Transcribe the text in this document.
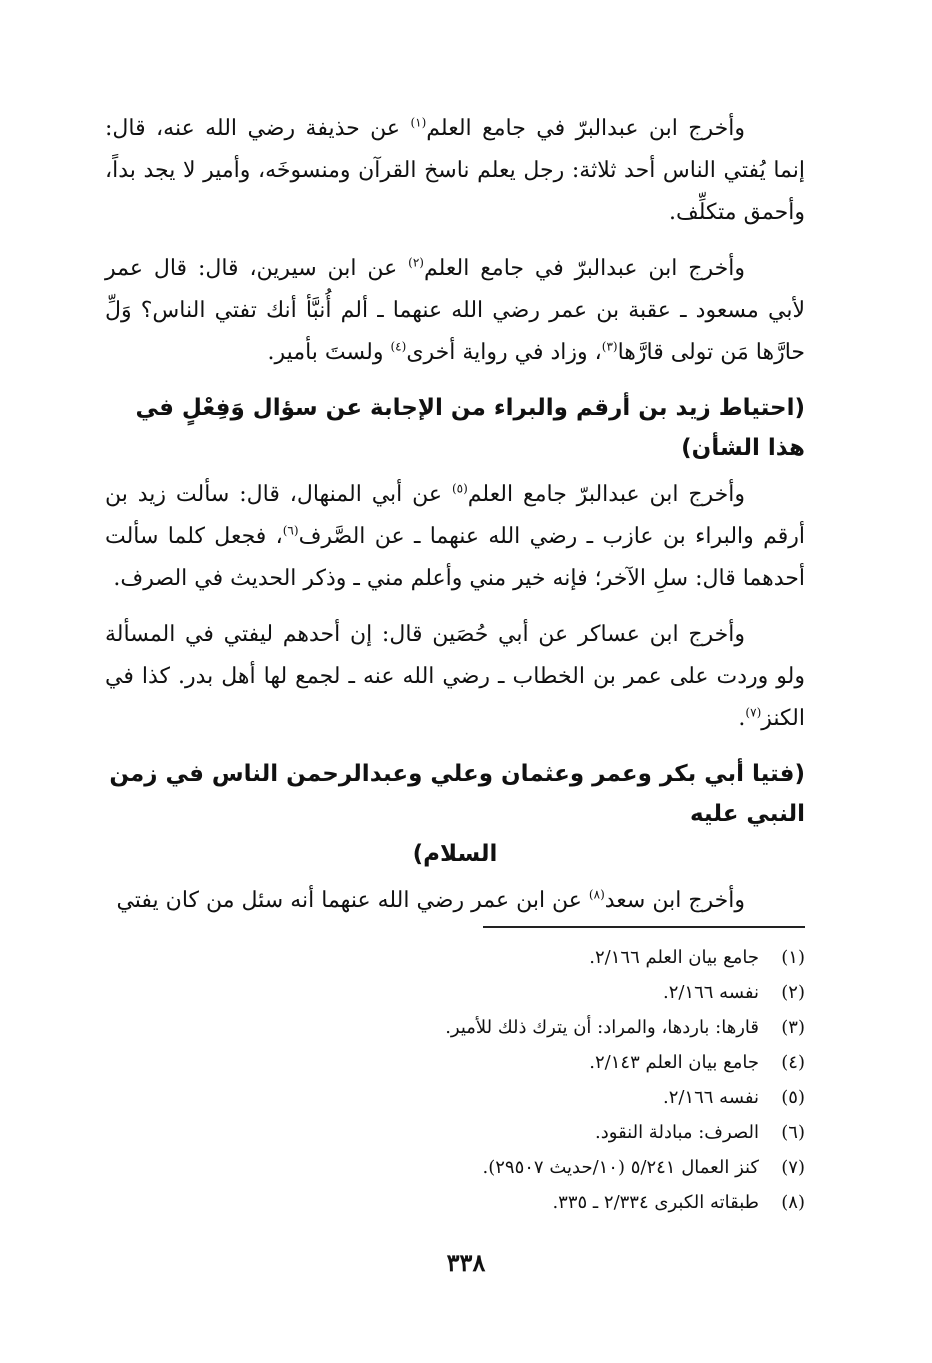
وأخرج ابن عبدالبرّ في جامع العلم$^{(١)}$ عن حذيفة رضي الله عنه، قال: إنما يُفتي الناس أحد ثلاثة: رجل يعلم ناسخ القرآن ومنسوخَه، وأمير لا يجد بداً، وأحمق متكلِّف.

وأخرج ابن عبدالبرّ في جامع العلم$^{(٢)}$ عن ابن سيرين، قال: قال عمر لأبي مسعود ـ عقبة بن عمر رضي الله عنهما ـ ألم أُنبَّأ أنك تفتي الناس؟ وَلِّ حارَّها مَن تولى قارَّها$^{(٣)}$، وزاد في رواية أخرى$^{(٤)}$ ولستَ بأمير.

(احتياط زيد بن أرقم والبراء من الإجابة عن سؤال وَفِعْلٍ في هذا الشأن)

وأخرج ابن عبدالبرّ جامع العلم$^{(٥)}$ عن أبي المنهال، قال: سألت زيد بن أرقم والبراء بن عازب ـ رضي الله عنهما ـ عن الصَّرف$^{(٦)}$، فجعل كلما سألت أحدهما قال: سلِ الآخر؛ فإنه خير مني وأعلم مني ـ وذكر الحديث في الصرف.

وأخرج ابن عساكر عن أبي حُصَين قال: إن أحدهم ليفتي في المسألة ولو وردت على عمر بن الخطاب ـ رضي الله عنه ـ لجمع لها أهل بدر. كذا في الكنز$^{(٧)}$.

(فتيا أبي بكر وعمر وعثمان وعلي وعبدالرحمن الناس في زمن النبي عليه
السلام)

وأخرج ابن سعد$^{(٨)}$ عن ابن عمر رضي الله عنهما أنه سئل من كان يفتي

(١)جامع بيان العلم ٢/١٦٦.
(٢)نفسه ٢/١٦٦.
(٣)قارها: باردها، والمراد: أن يترك ذلك للأمير.
(٤)جامع بيان العلم ٢/١٤٣.
(٥)نفسه ٢/١٦٦.
(٦)الصرف: مبادلة النقود.
(٧)كنز العمال ٥/٢٤١ (١٠/حديث ٢٩٥٠٧).
(٨)طبقاته الكبرى ٢/٣٣٤ ـ ٣٣٥.
٣٣٨
